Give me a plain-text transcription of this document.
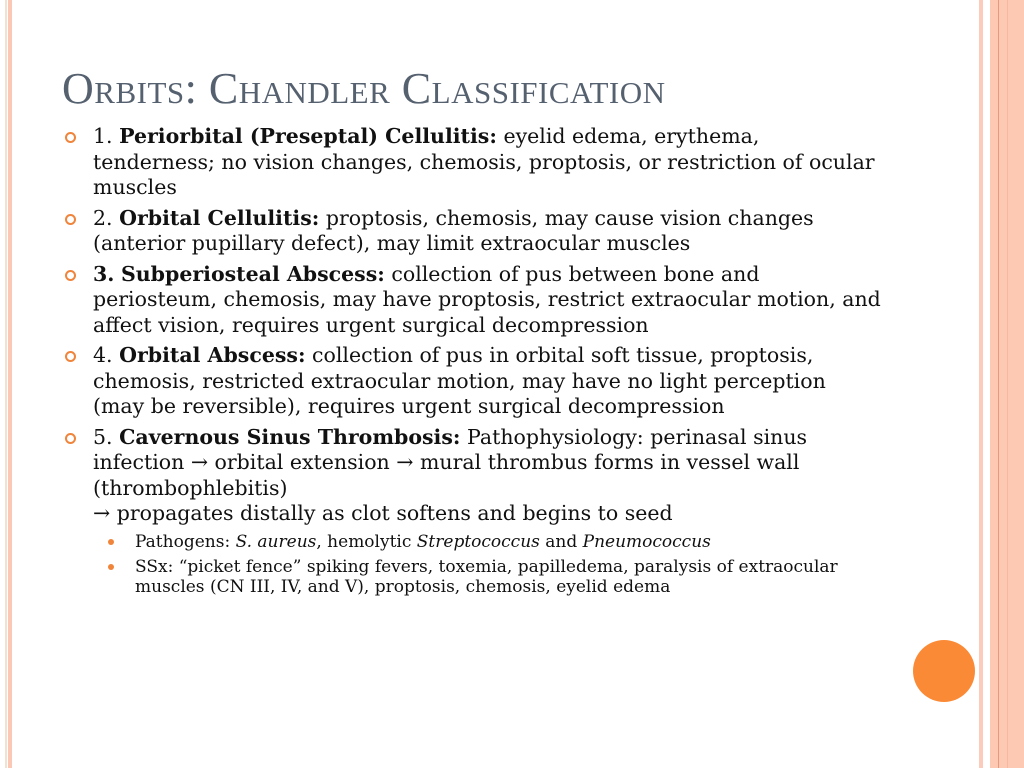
Orbits: Chandler Classification
1. Periorbital (Preseptal) Cellulitis: eyelid edema, erythema, tenderness; no vision changes, chemosis, proptosis, or restriction of ocular muscles
2. Orbital Cellulitis: proptosis, chemosis, may cause vision changes (anterior pupillary defect), may limit extraocular muscles
3. Subperiosteal Abscess: collection of pus between bone and periosteum, chemosis, may have proptosis, restrict extraocular motion, and affect vision, requires urgent surgical decompression
4. Orbital Abscess: collection of pus in orbital soft tissue, proptosis, chemosis, restricted extraocular motion, may have no light perception (may be reversible), requires urgent surgical decompression
5. Cavernous Sinus Thrombosis: Pathophysiology: perinasal sinus infection → orbital extension → mural thrombus forms in vessel wall (thrombophlebitis)
→ propagates distally as clot softens and begins to seed
Pathogens: S. aureus, hemolytic Streptococcus and Pneumococcus
SSx: “picket fence” spiking fevers, toxemia, papilledema, paralysis of extraocular muscles (CN III, IV, and V), proptosis, chemosis, eyelid edema
